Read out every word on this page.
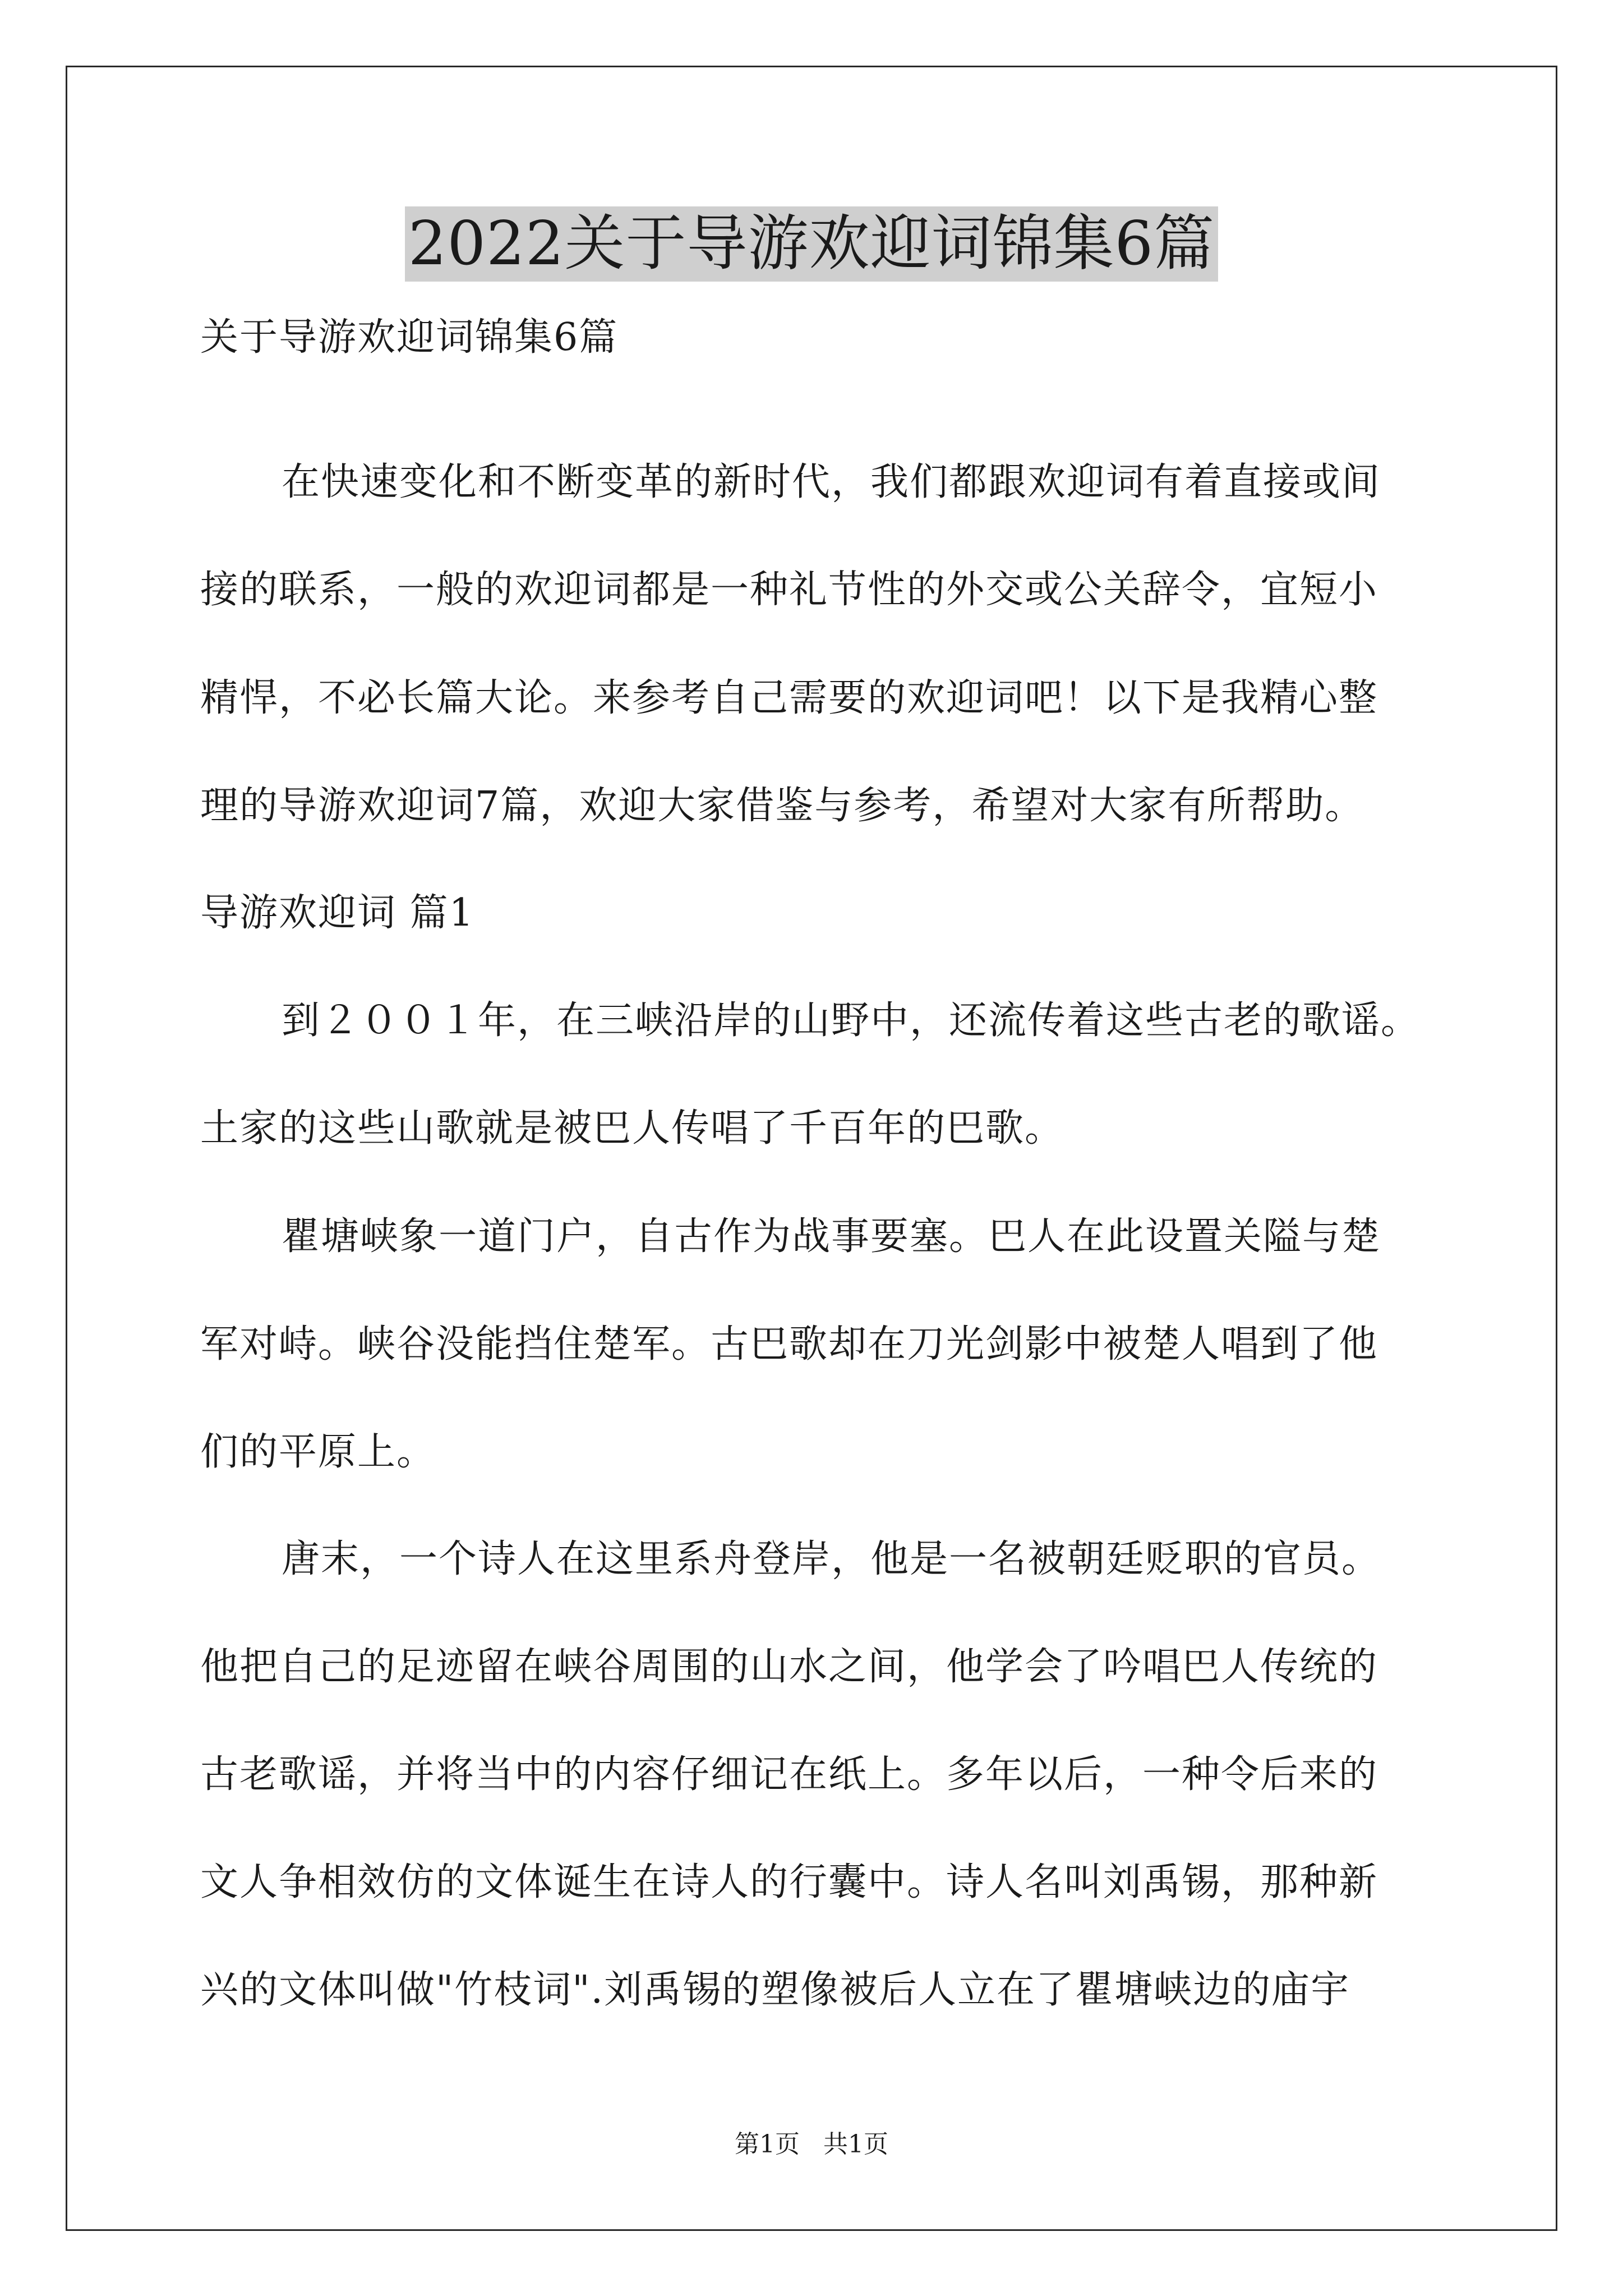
2022关于导游欢迎词锦集6篇
关于导游欢迎词锦集6篇
在快速变化和不断变革的新时代，我们都跟欢迎词有着直接或间
接的联系，一般的欢迎词都是一种礼节性的外交或公关辞令，宜短小
精悍，不必长篇大论。来参考自己需要的欢迎词吧！以下是我精心整
理的导游欢迎词7篇，欢迎大家借鉴与参考，希望对大家有所帮助。
导游欢迎词 篇1
到２００１年，在三峡沿岸的山野中，还流传着这些古老的歌谣。
土家的这些山歌就是被巴人传唱了千百年的巴歌。
瞿塘峡象一道门户，自古作为战事要塞。巴人在此设置关隘与楚
军对峙。峡谷没能挡住楚军。古巴歌却在刀光剑影中被楚人唱到了他
们的平原上。
唐末，一个诗人在这里系舟登岸，他是一名被朝廷贬职的官员。
他把自己的足迹留在峡谷周围的山水之间，他学会了吟唱巴人传统的
古老歌谣，并将当中的内容仔细记在纸上。多年以后，一种令后来的
文人争相效仿的文体诞生在诗人的行囊中。诗人名叫刘禹锡，那种新
兴的文体叫做"竹枝词".刘禹锡的塑像被后人立在了瞿塘峡边的庙宇
第1页 共1页
